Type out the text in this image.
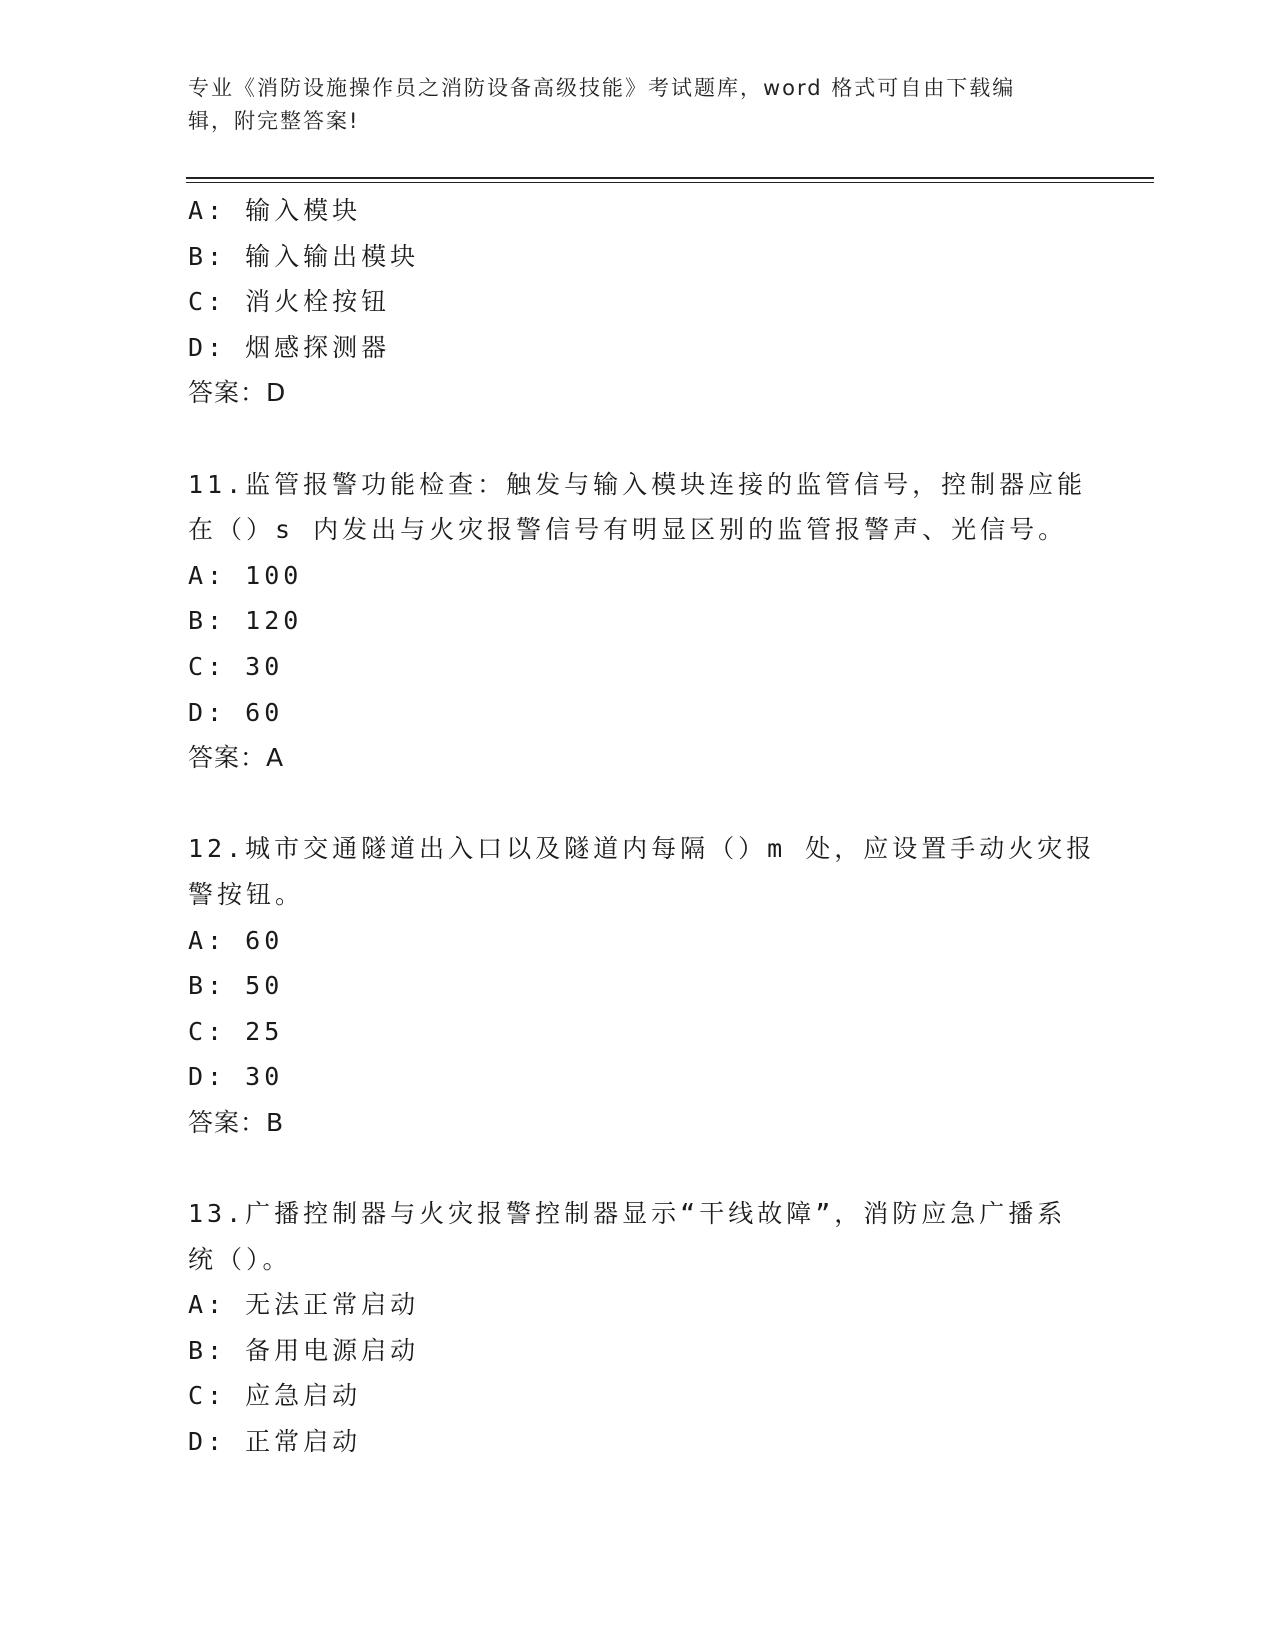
专业《消防设施操作员之消防设备高级技能》考试题库，word 格式可自由下载编
辑，附完整答案!
A: 输入模块
B: 输入输出模块
C: 消火栓按钮
D: 烟感探测器
答案：D
11.监管报警功能检查：触发与输入模块连接的监管信号，控制器应能
在（）s 内发出与火灾报警信号有明显区别的监管报警声、光信号。
A: 100
B: 120
C: 30
D: 60
答案：A
12.城市交通隧道出入口以及隧道内每隔（）m 处，应设置手动火灾报
警按钮。
A: 60
B: 50
C: 25
D: 30
答案：B
13.广播控制器与火灾报警控制器显示“干线故障”，消防应急广播系
统（）。
A: 无法正常启动
B: 备用电源启动
C: 应急启动
D: 正常启动
